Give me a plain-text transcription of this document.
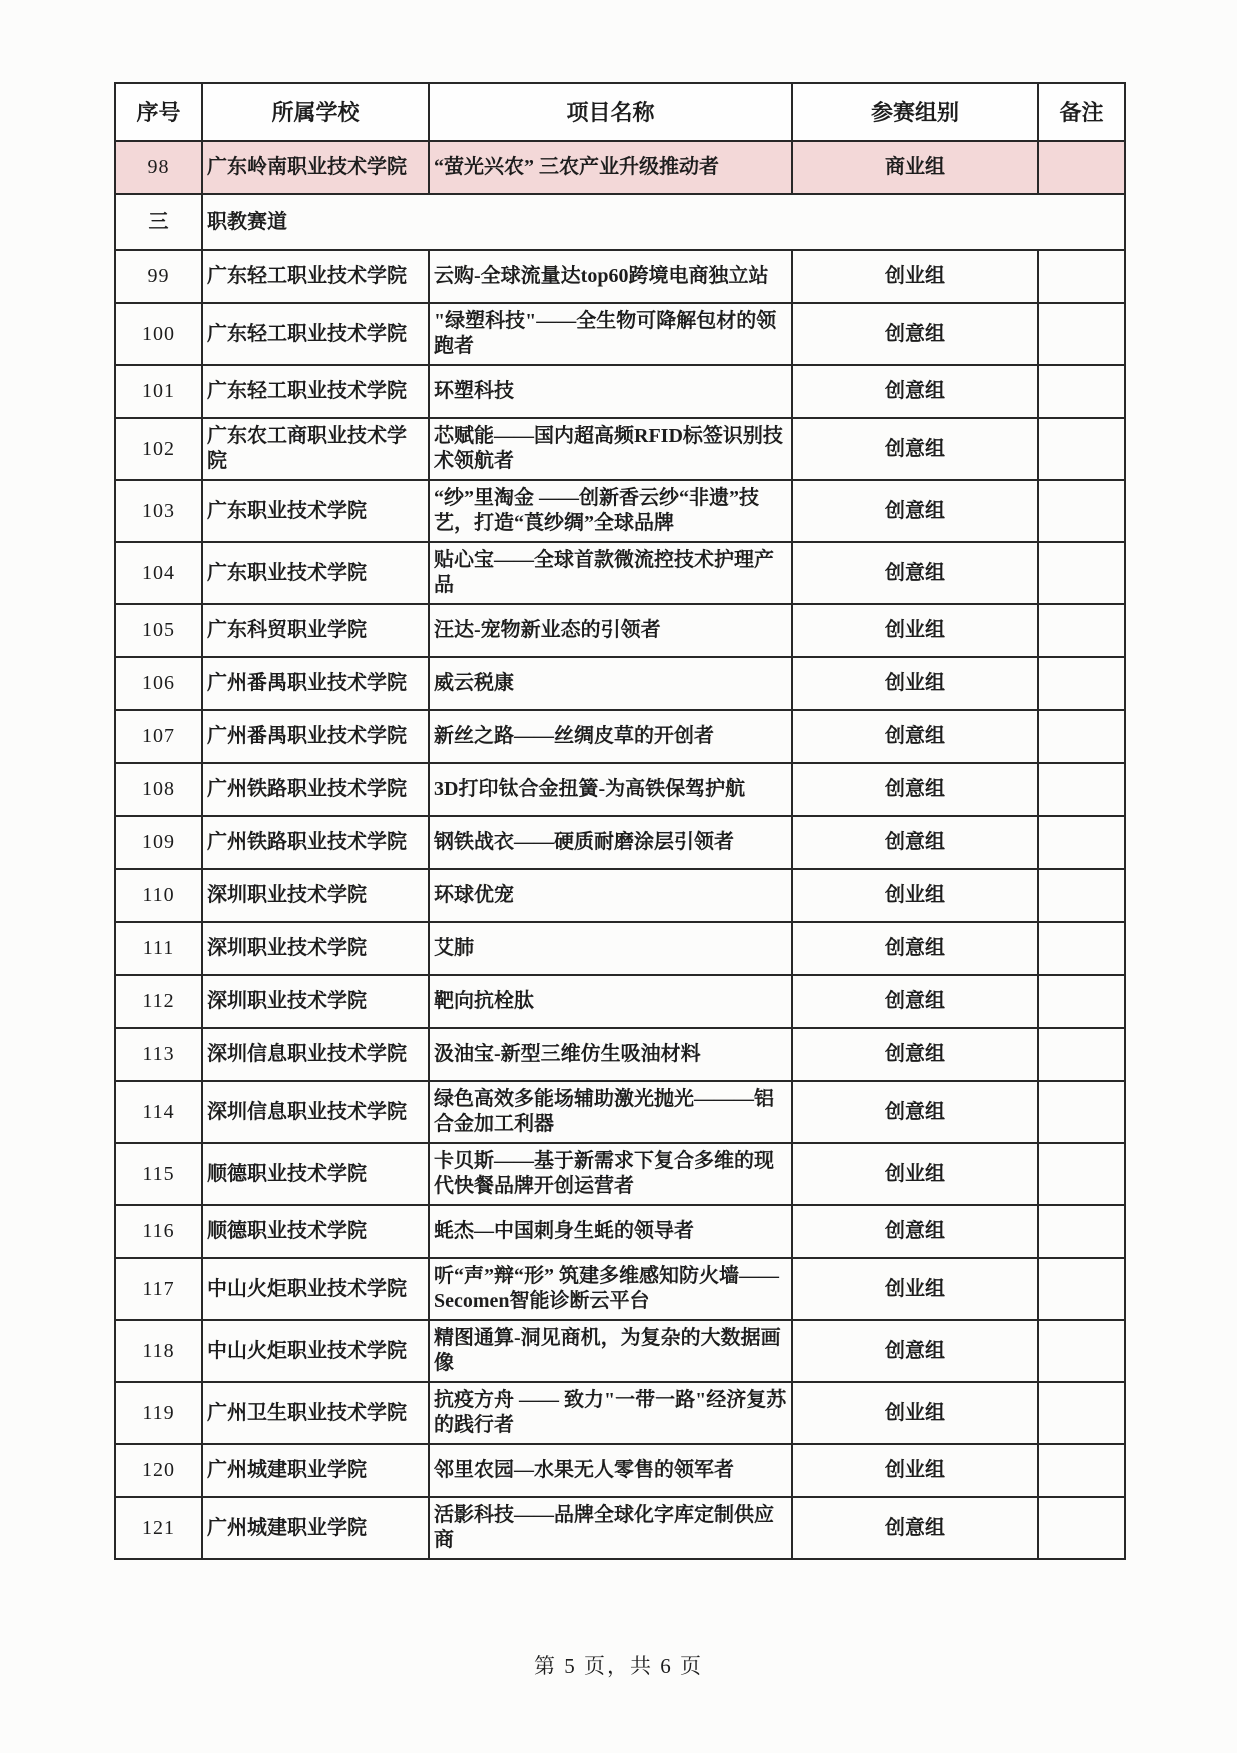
序号	所属学校	项目名称	参赛组别	备注
98	广东岭南职业技术学院	“萤光兴农” 三农产业升级推动者	商业组	
三	职教赛道			
99	广东轻工职业技术学院	云购-全球流量达top60跨境电商独立站	创业组	
100	广东轻工职业技术学院	"绿塑科技"——全生物可降解包材的领跑者	创意组	
101	广东轻工职业技术学院	环塑科技	创意组	
102	广东农工商职业技术学院	芯赋能——国内超高频RFID标签识别技术领航者	创意组	
103	广东职业技术学院	“纱”里淘金 ——创新香云纱“非遗”技艺，打造“莨纱绸”全球品牌	创意组	
104	广东职业技术学院	贴心宝——全球首款微流控技术护理产品	创意组	
105	广东科贸职业学院	汪达-宠物新业态的引领者	创业组	
106	广州番禺职业技术学院	威云税康	创业组	
107	广州番禺职业技术学院	新丝之路——丝绸皮草的开创者	创意组	
108	广州铁路职业技术学院	3D打印钛合金扭簧-为高铁保驾护航	创意组	
109	广州铁路职业技术学院	钢铁战衣——硬质耐磨涂层引领者	创意组	
110	深圳职业技术学院	环球优宠	创业组	
111	深圳职业技术学院	艾肺	创意组	
112	深圳职业技术学院	靶向抗栓肽	创意组	
113	深圳信息职业技术学院	汲油宝-新型三维仿生吸油材料	创意组	
114	深圳信息职业技术学院	绿色高效多能场辅助激光抛光———铝合金加工利器	创意组	
115	顺德职业技术学院	卡贝斯——基于新需求下复合多维的现代快餐品牌开创运营者	创业组	
116	顺德职业技术学院	蚝杰—中国刺身生蚝的领导者	创意组	
117	中山火炬职业技术学院	听“声”辩“形” 筑建多维感知防火墙——Secomen智能诊断云平台	创业组	
118	中山火炬职业技术学院	精图通算-洞见商机，为复杂的大数据画像	创意组	
119	广州卫生职业技术学院	抗疫方舟 —— 致力"一带一路"经济复苏的践行者	创业组	
120	广州城建职业学院	邻里农园—水果无人零售的领军者	创业组	
121	广州城建职业学院	活影科技——品牌全球化字库定制供应商	创意组	
第 5 页，共 6 页
